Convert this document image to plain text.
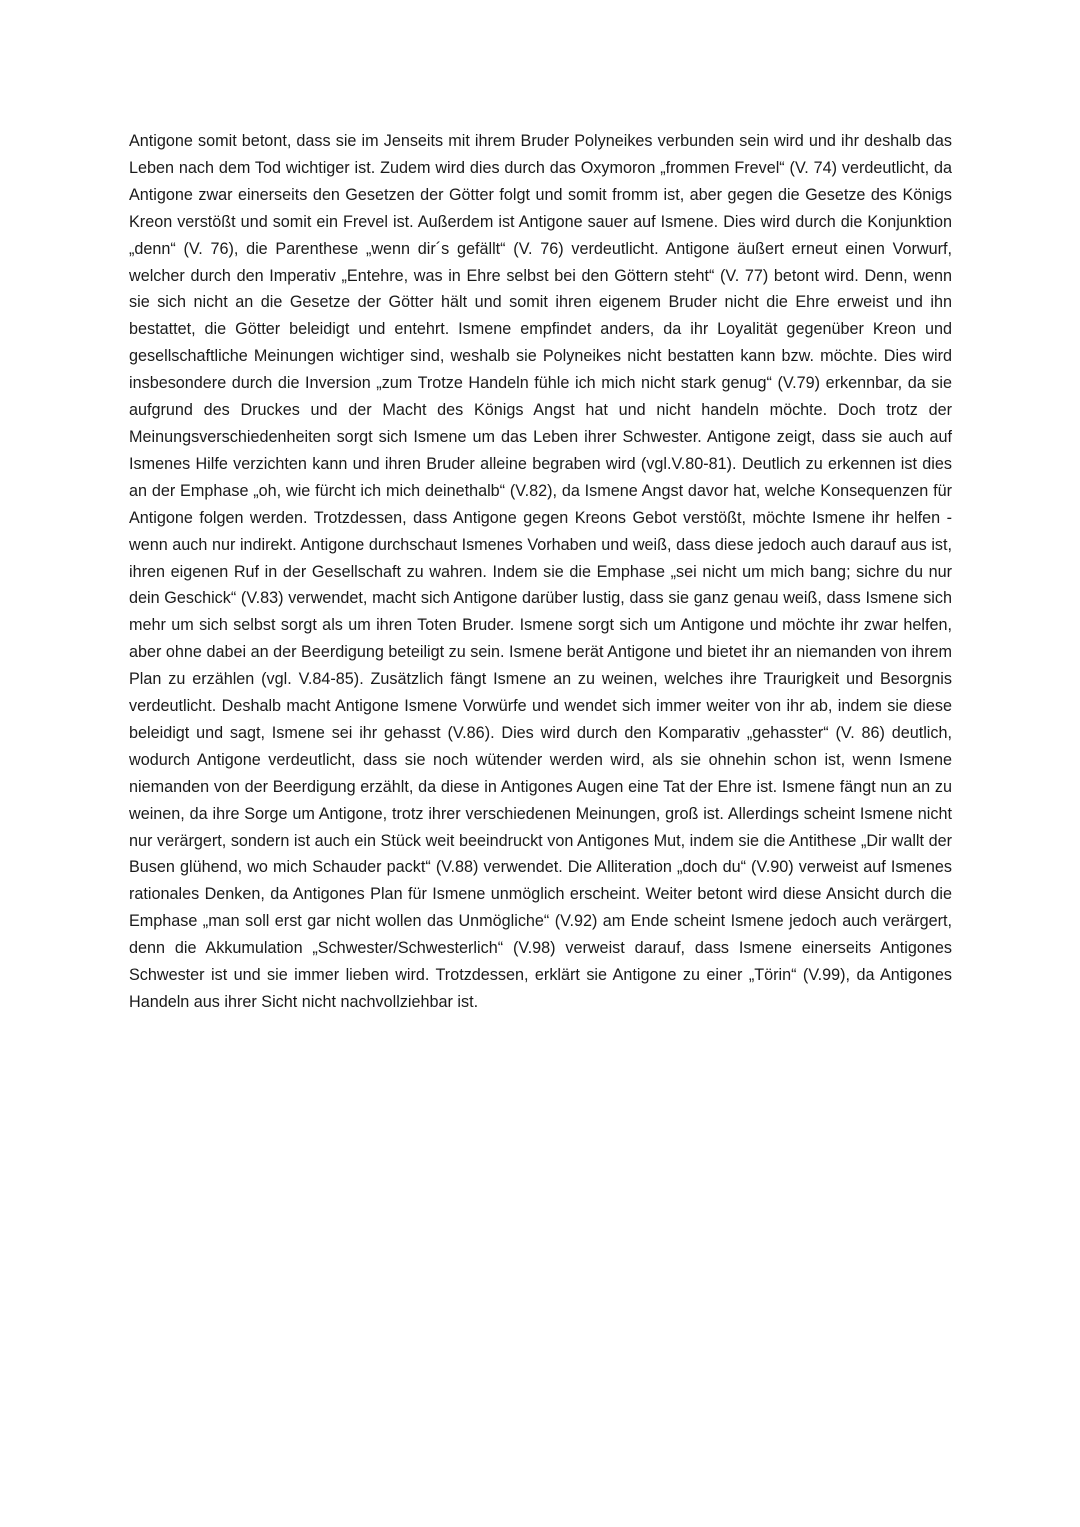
Antigone somit betont, dass sie im Jenseits mit ihrem Bruder Polyneikes verbunden sein wird und ihr deshalb das Leben nach dem Tod wichtiger ist. Zudem wird dies durch das Oxymoron „frommen Frevel“ (V. 74) verdeutlicht, da Antigone zwar einerseits den Gesetzen der Götter folgt und somit fromm ist, aber gegen die Gesetze des Königs Kreon verstößt und somit ein Frevel ist. Außerdem ist Antigone sauer auf Ismene. Dies wird durch die Konjunktion „denn“ (V. 76), die Parenthese „wenn dir´s gefällt“ (V. 76) verdeutlicht. Antigone äußert erneut einen Vorwurf, welcher durch den Imperativ „Entehre, was in Ehre selbst bei den Göttern steht“ (V. 77) betont wird. Denn, wenn sie sich nicht an die Gesetze der Götter hält und somit ihren eigenem Bruder nicht die Ehre erweist und ihn bestattet, die Götter beleidigt und entehrt. Ismene empfindet anders, da ihr Loyalität gegenüber Kreon und gesellschaftliche Meinungen wichtiger sind, weshalb sie Polyneikes nicht bestatten kann bzw. möchte. Dies wird insbesondere durch die Inversion „zum Trotze Handeln fühle ich mich nicht stark genug“ (V.79) erkennbar, da sie aufgrund des Druckes und der Macht des Königs Angst hat und nicht handeln möchte. Doch trotz der Meinungsverschiedenheiten sorgt sich Ismene um das Leben ihrer Schwester. Antigone zeigt, dass sie auch auf Ismenes Hilfe verzichten kann und ihren Bruder alleine begraben wird (vgl.V.80-81). Deutlich zu erkennen ist dies an der Emphase „oh, wie fürcht ich mich deinethalb“ (V.82), da Ismene Angst davor hat, welche Konsequenzen für Antigone folgen werden. Trotzdessen, dass Antigone gegen Kreons Gebot verstößt, möchte Ismene ihr helfen - wenn auch nur indirekt. Antigone durchschaut Ismenes Vorhaben und weiß, dass diese jedoch auch darauf aus ist, ihren eigenen Ruf in der Gesellschaft zu wahren. Indem sie die Emphase „sei nicht um mich bang; sichre du nur dein Geschick“ (V.83) verwendet, macht sich Antigone darüber lustig, dass sie ganz genau weiß, dass Ismene sich mehr um sich selbst sorgt als um ihren Toten Bruder. Ismene sorgt sich um Antigone und möchte ihr zwar helfen, aber ohne dabei an der Beerdigung beteiligt zu sein. Ismene berät Antigone und bietet ihr an niemanden von ihrem Plan zu erzählen (vgl. V.84-85). Zusätzlich fängt Ismene an zu weinen, welches ihre Traurigkeit und Besorgnis verdeutlicht. Deshalb macht Antigone Ismene Vorwürfe und wendet sich immer weiter von ihr ab, indem sie diese beleidigt und sagt, Ismene sei ihr gehasst (V.86). Dies wird durch den Komparativ „gehasster“ (V. 86) deutlich, wodurch Antigone verdeutlicht, dass sie noch wütender werden wird, als sie ohnehin schon ist, wenn Ismene niemanden von der Beerdigung erzählt, da diese in Antigones Augen eine Tat der Ehre ist. Ismene fängt nun an zu weinen, da ihre Sorge um Antigone, trotz ihrer verschiedenen Meinungen, groß ist. Allerdings scheint Ismene nicht nur verärgert, sondern ist auch ein Stück weit beeindruckt von Antigones Mut, indem sie die Antithese „Dir wallt der Busen glühend, wo mich Schauder packt“ (V.88) verwendet. Die Alliteration „doch du“ (V.90) verweist auf Ismenes rationales Denken, da Antigones Plan für Ismene unmöglich erscheint. Weiter betont wird diese Ansicht durch die Emphase „man soll erst gar nicht wollen das Unmögliche“ (V.92) am Ende scheint Ismene jedoch auch verärgert, denn die Akkumulation „Schwester/Schwesterlich“ (V.98) verweist darauf, dass Ismene einerseits Antigones Schwester ist und sie immer lieben wird. Trotzdessen, erklärt sie Antigone zu einer „Törin“ (V.99), da Antigones Handeln aus ihrer Sicht nicht nachvollziehbar ist.
